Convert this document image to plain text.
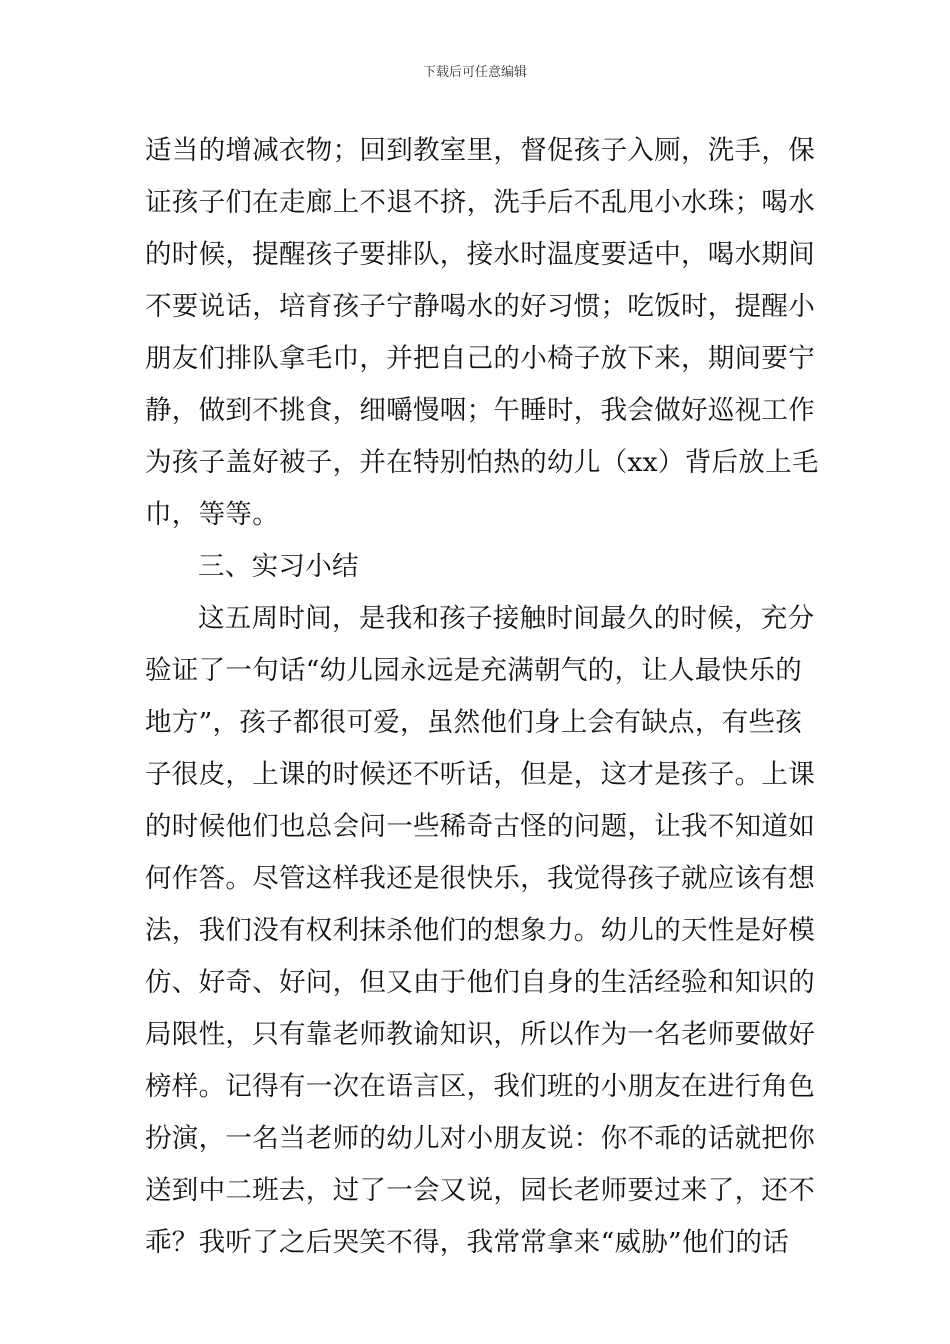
下载后可任意编辑
适当的增减衣物；回到教室里，督促孩子入厕，洗手，保
证孩子们在走廊上不退不挤，洗手后不乱甩小水珠；喝水
的时候，提醒孩子要排队，接水时温度要适中，喝水期间
不要说话，培育孩子宁静喝水的好习惯；吃饭时，提醒小
朋友们排队拿毛巾，并把自己的小椅子放下来，期间要宁
静，做到不挑食，细嚼慢咽；午睡时，我会做好巡视工作
为孩子盖好被子，并在特别怕热的幼儿（xx）背后放上毛
巾，等等。
三、实习小结
这五周时间，是我和孩子接触时间最久的时候，充分
验证了一句话“幼儿园永远是充满朝气的，让人最快乐的
地方”，孩子都很可爱，虽然他们身上会有缺点，有些孩
子很皮，上课的时候还不听话，但是，这才是孩子。上课
的时候他们也总会问一些稀奇古怪的问题，让我不知道如
何作答。尽管这样我还是很快乐，我觉得孩子就应该有想
法，我们没有权利抹杀他们的想象力。幼儿的天性是好模
仿、好奇、好问，但又由于他们自身的生活经验和知识的
局限性，只有靠老师教谕知识，所以作为一名老师要做好
榜样。记得有一次在语言区，我们班的小朋友在进行角色
扮演，一名当老师的幼儿对小朋友说：你不乖的话就把你
送到中二班去，过了一会又说，园长老师要过来了，还不
乖？我听了之后哭笑不得，我常常拿来“威胁”他们的话
